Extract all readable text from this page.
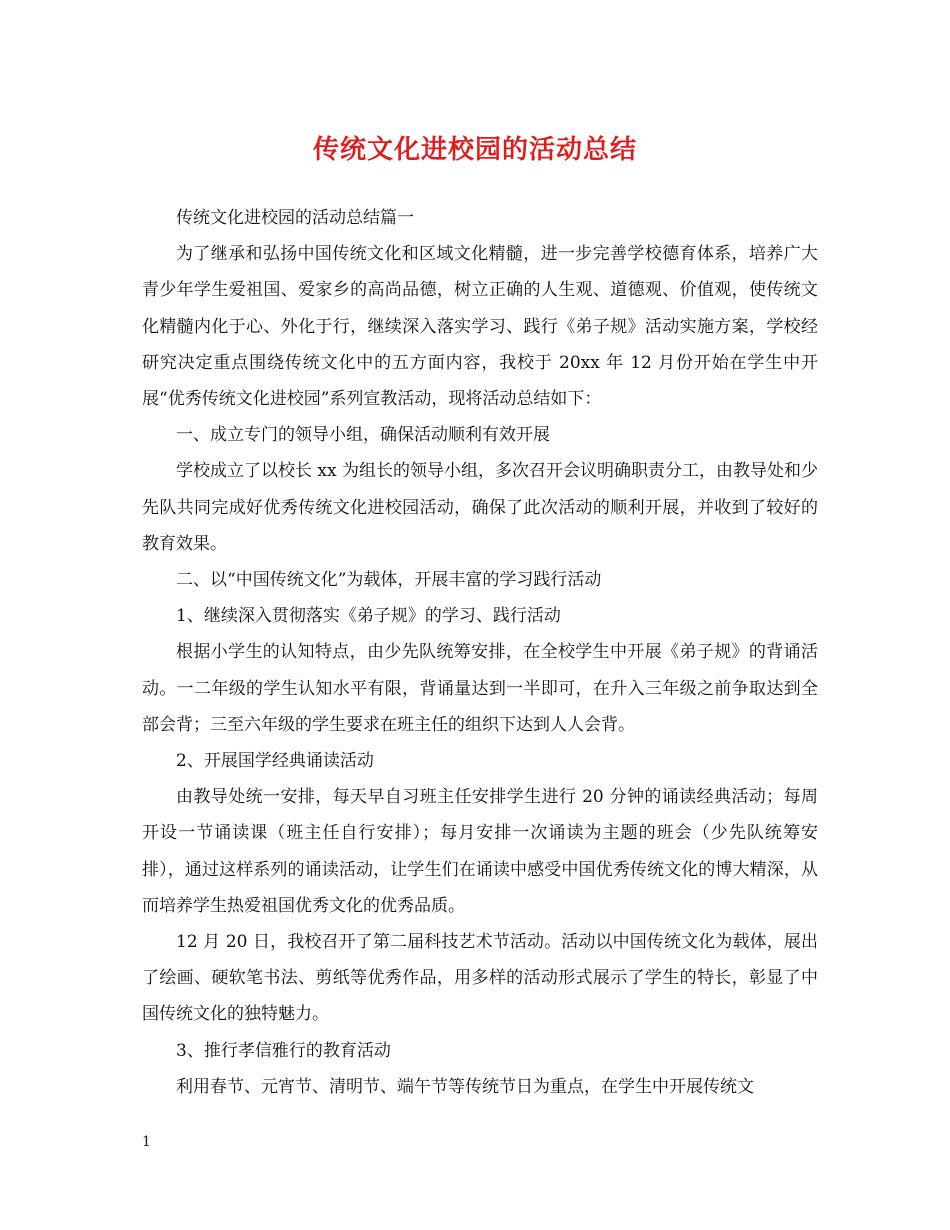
传统文化进校园的活动总结

传统文化进校园的活动总结篇一

为了继承和弘扬中国传统文化和区域文化精髓，进一步完善学校德育体系，培养广大青少年学生爱祖国、爱家乡的高尚品德，树立正确的人生观、道德观、价值观，使传统文化精髓内化于心、外化于行，继续深入落实学习、践行《弟子规》活动实施方案，学校经研究决定重点围绕传统文化中的五方面内容，我校于 20xx 年 12 月份开始在学生中开展“优秀传统文化进校园”系列宣教活动，现将活动总结如下：

一、成立专门的领导小组，确保活动顺利有效开展

学校成立了以校长 xx 为组长的领导小组，多次召开会议明确职责分工，由教导处和少先队共同完成好优秀传统文化进校园活动，确保了此次活动的顺利开展，并收到了较好的教育效果。

二、以“中国传统文化”为载体，开展丰富的学习践行活动

1、继续深入贯彻落实《弟子规》的学习、践行活动

根据小学生的认知特点，由少先队统筹安排，在全校学生中开展《弟子规》的背诵活动。一二年级的学生认知水平有限，背诵量达到一半即可，在升入三年级之前争取达到全部会背；三至六年级的学生要求在班主任的组织下达到人人会背。

2、开展国学经典诵读活动

由教导处统一安排，每天早自习班主任安排学生进行 20 分钟的诵读经典活动；每周开设一节诵读课（班主任自行安排）；每月安排一次诵读为主题的班会（少先队统筹安排），通过这样系列的诵读活动，让学生们在诵读中感受中国优秀传统文化的博大精深，从而培养学生热爱祖国优秀文化的优秀品质。

12 月 20 日，我校召开了第二届科技艺术节活动。活动以中国传统文化为载体，展出了绘画、硬软笔书法、剪纸等优秀作品，用多样的活动形式展示了学生的特长，彰显了中国传统文化的独特魅力。

3、推行孝信雅行的教育活动

利用春节、元宵节、清明节、端午节等传统节日为重点，在学生中开展传统文

1
